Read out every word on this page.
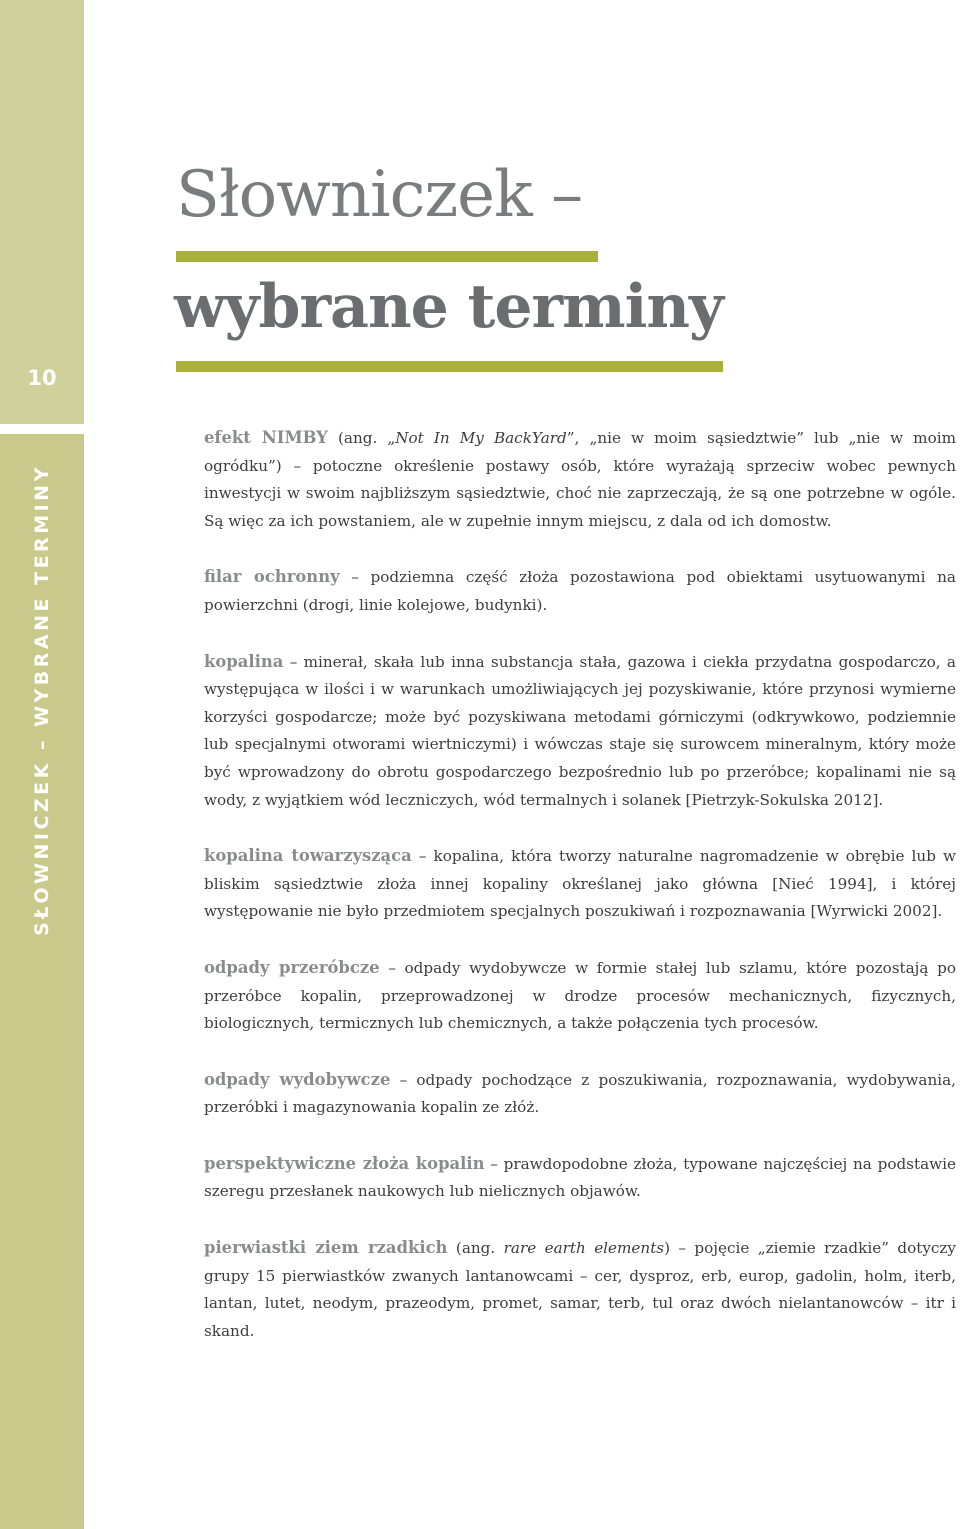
10
SŁOWNICZEK – WYBRANE TERMINY
Słowniczek –
wybrane terminy

efekt NIMBY (ang. „Not In My BackYard”, „nie w moim sąsiedztwie” lub „nie w moim ogródku”) – potoczne określenie postawy osób, które wyrażają sprzeciw wobec pewnych inwestycji w swoim najbliższym sąsiedztwie, choć nie zaprzeczają, że są one potrzebne w ogóle. Są więc za ich powstaniem, ale w zupełnie innym miejscu, z dala od ich domostw.

filar ochronny – podziemna część złoża pozostawiona pod obiektami usytuowanymi na powierzchni (drogi, linie kolejowe, budynki).

kopalina – minerał, skała lub inna substancja stała, gazowa i ciekła przydatna gospodarczo, a występująca w ilości i w warunkach umożliwiających jej pozyskiwanie, które przynosi wymierne korzyści gospodarcze; może być pozyskiwana metodami górniczymi (odkrywkowo, podziemnie lub specjalnymi otworami wiertniczymi) i wówczas staje się surowcem mineralnym, który może być wprowadzony do obrotu gospodarczego bezpośrednio lub po przeróbce; kopalinami nie są wody, z wyjątkiem wód leczniczych, wód termalnych i solanek [Pietrzyk-Sokulska 2012].

kopalina towarzysząca – kopalina, która tworzy naturalne nagromadzenie w obrębie lub w bliskim sąsiedztwie złoża innej kopaliny określanej jako główna [Nieć 1994], i której występowanie nie było przedmiotem specjalnych poszukiwań i rozpoznawania [Wyrwicki 2002].

odpady przeróbcze – odpady wydobywcze w formie stałej lub szlamu, które pozostają po przeróbce kopalin, przeprowadzonej w drodze procesów mechanicznych, fizycznych, biologicznych, termicznych lub chemicznych, a także połączenia tych procesów.

odpady wydobywcze – odpady pochodzące z poszukiwania, rozpoznawania, wydobywania, przeróbki i magazynowania kopalin ze złóż.

perspektywiczne złoża kopalin – prawdopodobne złoża, typowane najczęściej na podstawie szeregu przesłanek naukowych lub nielicznych objawów.

pierwiastki ziem rzadkich (ang. rare earth elements) – pojęcie „ziemie rzadkie” dotyczy grupy 15 pierwiastków zwanych lantanowcami – cer, dysproz, erb, europ, gadolin, holm, iterb, lantan, lutet, neodym, prazeodym, promet, samar, terb, tul oraz dwóch nielantanowców – itr i skand.
